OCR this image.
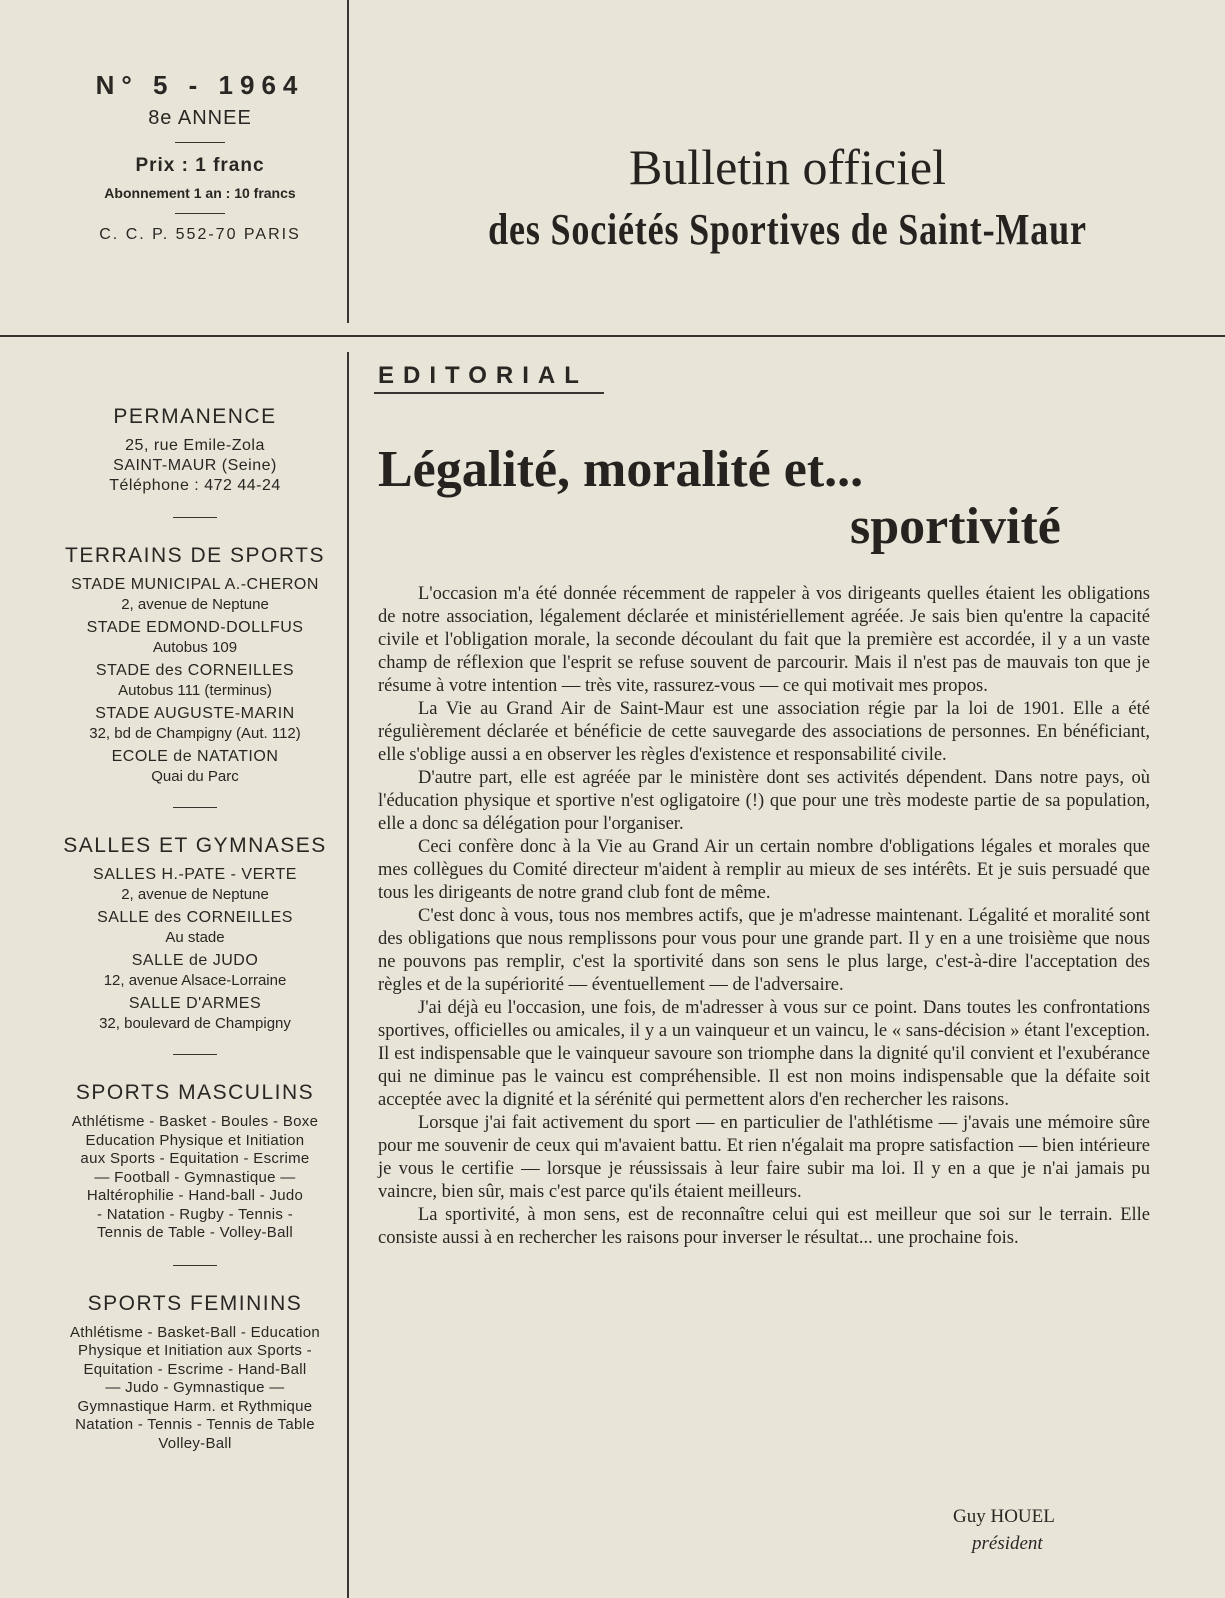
N° 5 - 1964

8e ANNEE

Prix : 1 franc

Abonnement 1 an : 10 francs

C. C. P. 552-70 PARIS

Bulletin officiel

des Sociétés Sportives de Saint-Maur

PERMANENCE

25, rue Emile-Zola

SAINT-MAUR (Seine)

Téléphone : 472 44-24

TERRAINS DE SPORTS

STADE MUNICIPAL A.-CHERON

2, avenue de Neptune

STADE EDMOND-DOLLFUS

Autobus 109

STADE des CORNEILLES

Autobus 111 (terminus)

STADE AUGUSTE-MARIN

32, bd de Champigny (Aut. 112)

ECOLE de NATATION

Quai du Parc

SALLES ET GYMNASES

SALLES H.-PATE - VERTE

2, avenue de Neptune

SALLE des CORNEILLES

Au stade

SALLE de JUDO

12, avenue Alsace-Lorraine

SALLE D'ARMES

32, boulevard de Champigny

SPORTS MASCULINS

Athlétisme - Basket - Boules - Boxe

Education Physique et Initiation

aux Sports - Equitation - Escrime

— Football - Gymnastique —

Haltérophilie - Hand-ball - Judo

- Natation - Rugby - Tennis -

Tennis de Table - Volley-Ball

SPORTS FEMININS

Athlétisme - Basket-Ball - Education

Physique et Initiation aux Sports -

Equitation - Escrime - Hand-Ball

— Judo - Gymnastique —

Gymnastique Harm. et Rythmique

Natation - Tennis - Tennis de Table

Volley-Ball

EDITORIAL

Légalité, moralité et...

sportivité

L'occasion m'a été donnée récemment de rappeler à vos dirigeants quelles étaient les obligations de notre association, légalement déclarée et ministériellement agréée. Je sais bien qu'entre la capacité civile et l'obligation morale, la seconde découlant du fait que la première est accordée, il y a un vaste champ de réflexion que l'esprit se refuse souvent de parcourir. Mais il n'est pas de mauvais ton que je résume à votre intention — très vite, rassurez-vous — ce qui motivait mes propos.

La Vie au Grand Air de Saint-Maur est une association régie par la loi de 1901. Elle a été régulièrement déclarée et bénéficie de cette sauvegarde des associations de personnes. En bénéficiant, elle s'oblige aussi a en observer les règles d'existence et responsabilité civile.

D'autre part, elle est agréée par le ministère dont ses activités dépendent. Dans notre pays, où l'éducation physique et sportive n'est ogligatoire (!) que pour une très modeste partie de sa population, elle a donc sa délégation pour l'organiser.

Ceci confère donc à la Vie au Grand Air un certain nombre d'obligations légales et morales que mes collègues du Comité directeur m'aident à remplir au mieux de ses intérêts. Et je suis persuadé que tous les dirigeants de notre grand club font de même.

C'est donc à vous, tous nos membres actifs, que je m'adresse maintenant. Légalité et moralité sont des obligations que nous remplissons pour vous pour une grande part. Il y en a une troisième que nous ne pouvons pas remplir, c'est la sportivité dans son sens le plus large, c'est-à-dire l'acceptation des règles et de la supériorité — éventuellement — de l'adversaire.

J'ai déjà eu l'occasion, une fois, de m'adresser à vous sur ce point. Dans toutes les confrontations sportives, officielles ou amicales, il y a un vainqueur et un vaincu, le « sans-décision » étant l'exception. Il est indispensable que le vainqueur savoure son triomphe dans la dignité qu'il convient et l'exubérance qui ne diminue pas le vaincu est compréhensible. Il est non moins indispensable que la défaite soit acceptée avec la dignité et la sérénité qui permettent alors d'en rechercher les raisons.

Lorsque j'ai fait activement du sport — en particulier de l'athlétisme — j'avais une mémoire sûre pour me souvenir de ceux qui m'avaient battu. Et rien n'égalait ma propre satisfaction — bien intérieure je vous le certifie — lorsque je réussissais à leur faire subir ma loi. Il y en a que je n'ai jamais pu vaincre, bien sûr, mais c'est parce qu'ils étaient meilleurs.

La sportivité, à mon sens, est de reconnaître celui qui est meilleur que soi sur le terrain. Elle consiste aussi à en rechercher les raisons pour inverser le résultat... une prochaine fois.

Guy HOUEL
président
